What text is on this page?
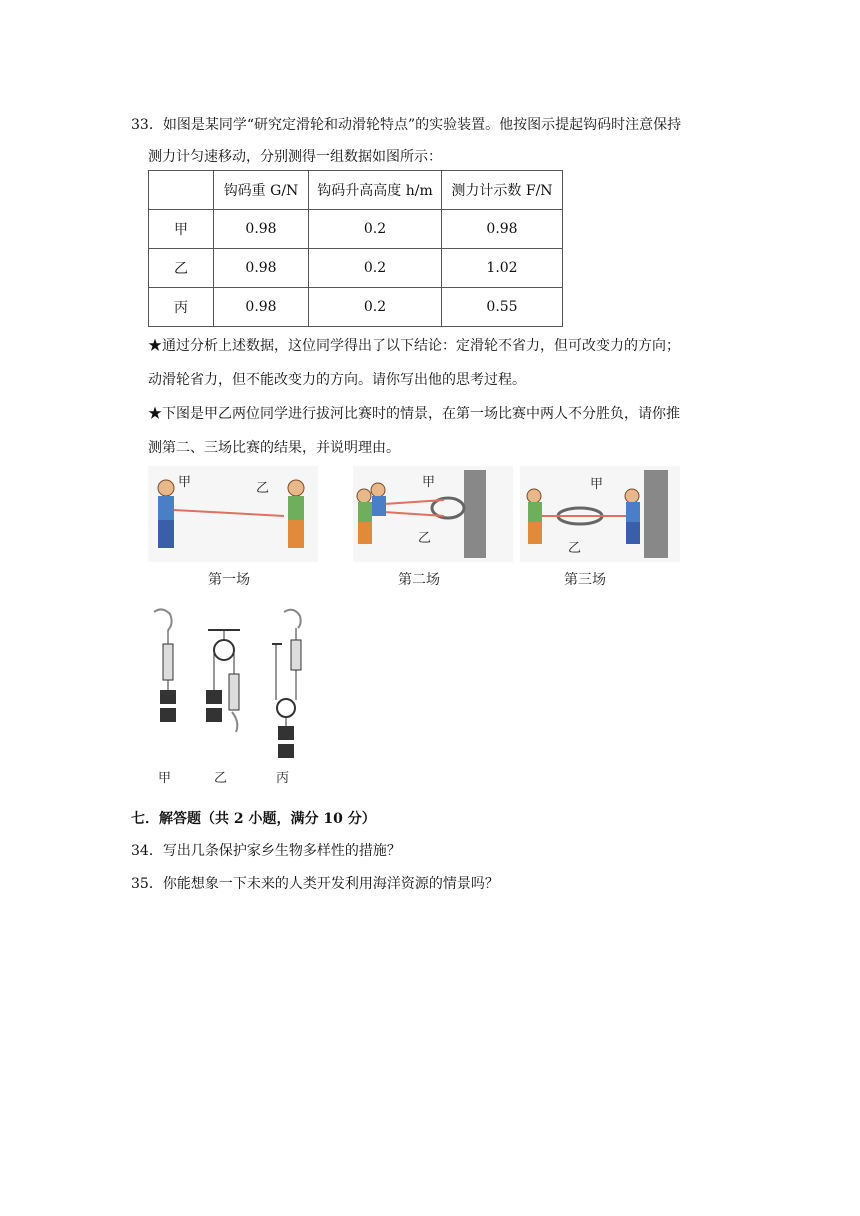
33．如图是某同学“研究定滑轮和动滑轮特点”的实验装置。他按图示提起钩码时注意保持
测力计匀速移动，分别测得一组数据如图所示：
	钩码重 G/N	钩码升高高度 h/m	测力计示数 F/N
甲	0.98	0.2	0.98
乙	0.98	0.2	1.02
丙	0.98	0.2	0.55
★通过分析上述数据，这位同学得出了以下结论：定滑轮不省力，但可改变力的方向；
动滑轮省力，但不能改变力的方向。请你写出他的思考过程。
★下图是甲乙两位同学进行拔河比赛时的情景，在第一场比赛中两人不分胜负，请你推
测第二、三场比赛的结果，并说明理由。
甲	乙
第一场
甲
乙
第二场
甲
乙
第三场
甲	乙	丙
七．解答题（共 2 小题，满分 10 分）
34．写出几条保护家乡生物多样性的措施？
35．你能想象一下未来的人类开发利用海洋资源的情景吗？
